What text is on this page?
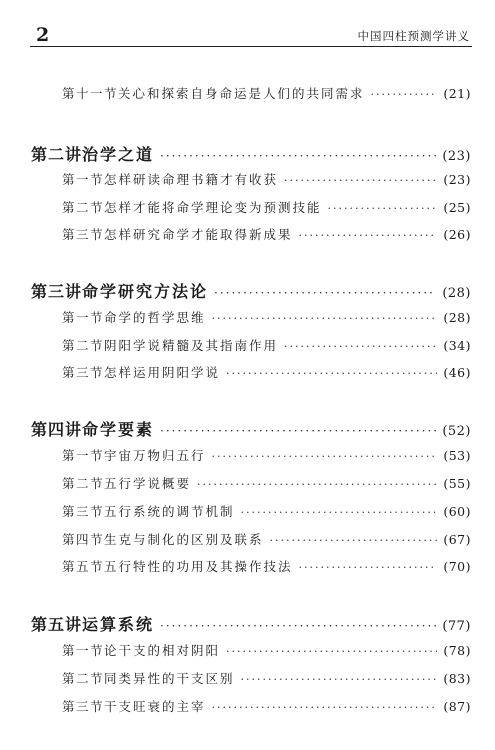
2	中国四柱预测学讲义
第十一节 关心和探索自身命运是人们的共同需求 ·····	(21)
第二讲 治学之道 ·····	(23)
第一节 怎样研读命理书籍才有收获 ·····	(23)
第二节 怎样才能将命学理论变为预测技能 ·····	(25)
第三节 怎样研究命学才能取得新成果 ·····	(26)
第三讲 命学研究方法论 ·····	(28)
第一节 命学的哲学思维 ·····	(28)
第二节 阴阳学说精髓及其指南作用 ·····	(34)
第三节 怎样运用阴阳学说 ·····	(46)
第四讲 命学要素 ·····	(52)
第一节 宇宙万物归五行 ·····	(53)
第二节 五行学说概要 ·····	(55)
第三节 五行系统的调节机制 ·····	(60)
第四节 生克与制化的区别及联系 ·····	(67)
第五节 五行特性的功用及其操作技法 ·····	(70)
第五讲 运算系统 ·····	(77)
第一节 论干支的相对阴阳 ·····	(78)
第二节 同类异性的干支区别 ·····	(83)
第三节 干支旺衰的主宰 ·····	(87)
